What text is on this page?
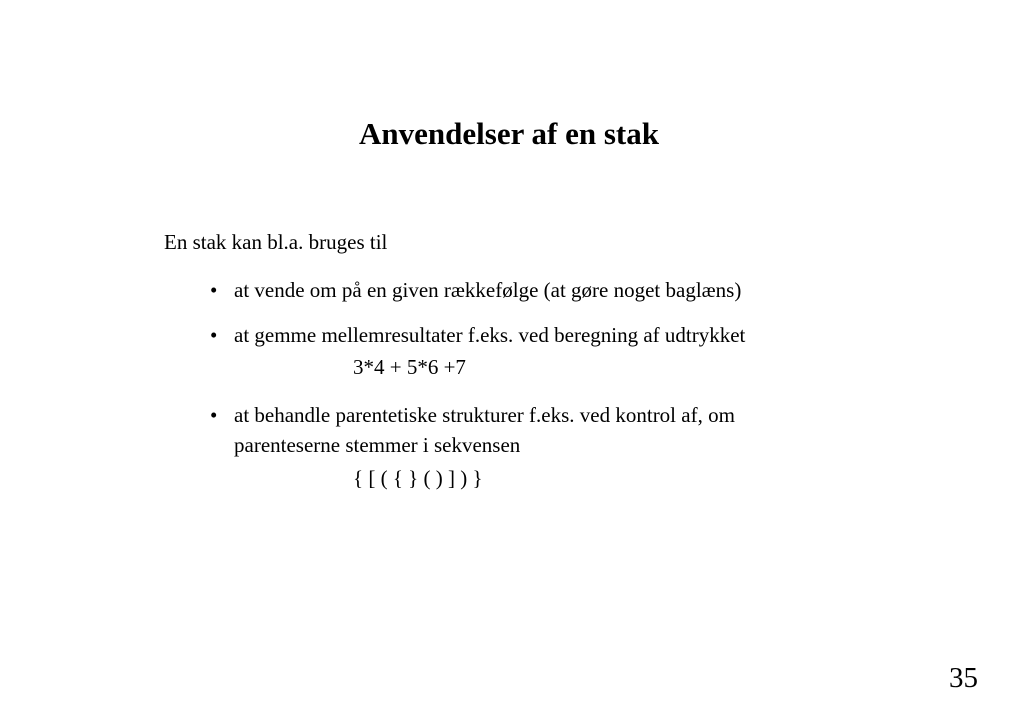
Anvendelser af en stak
En stak kan bl.a. bruges til
• at vende om på en given rækkefølge (at gøre noget baglæns)
• at gemme mellemresultater f.eks. ved beregning af udtrykket
3*4 + 5*6 +7
• at behandle parentetiske strukturer f.eks. ved kontrol af, om
parenteserne stemmer i sekvensen
{ [ ( { } ( ) ] ) }
35
